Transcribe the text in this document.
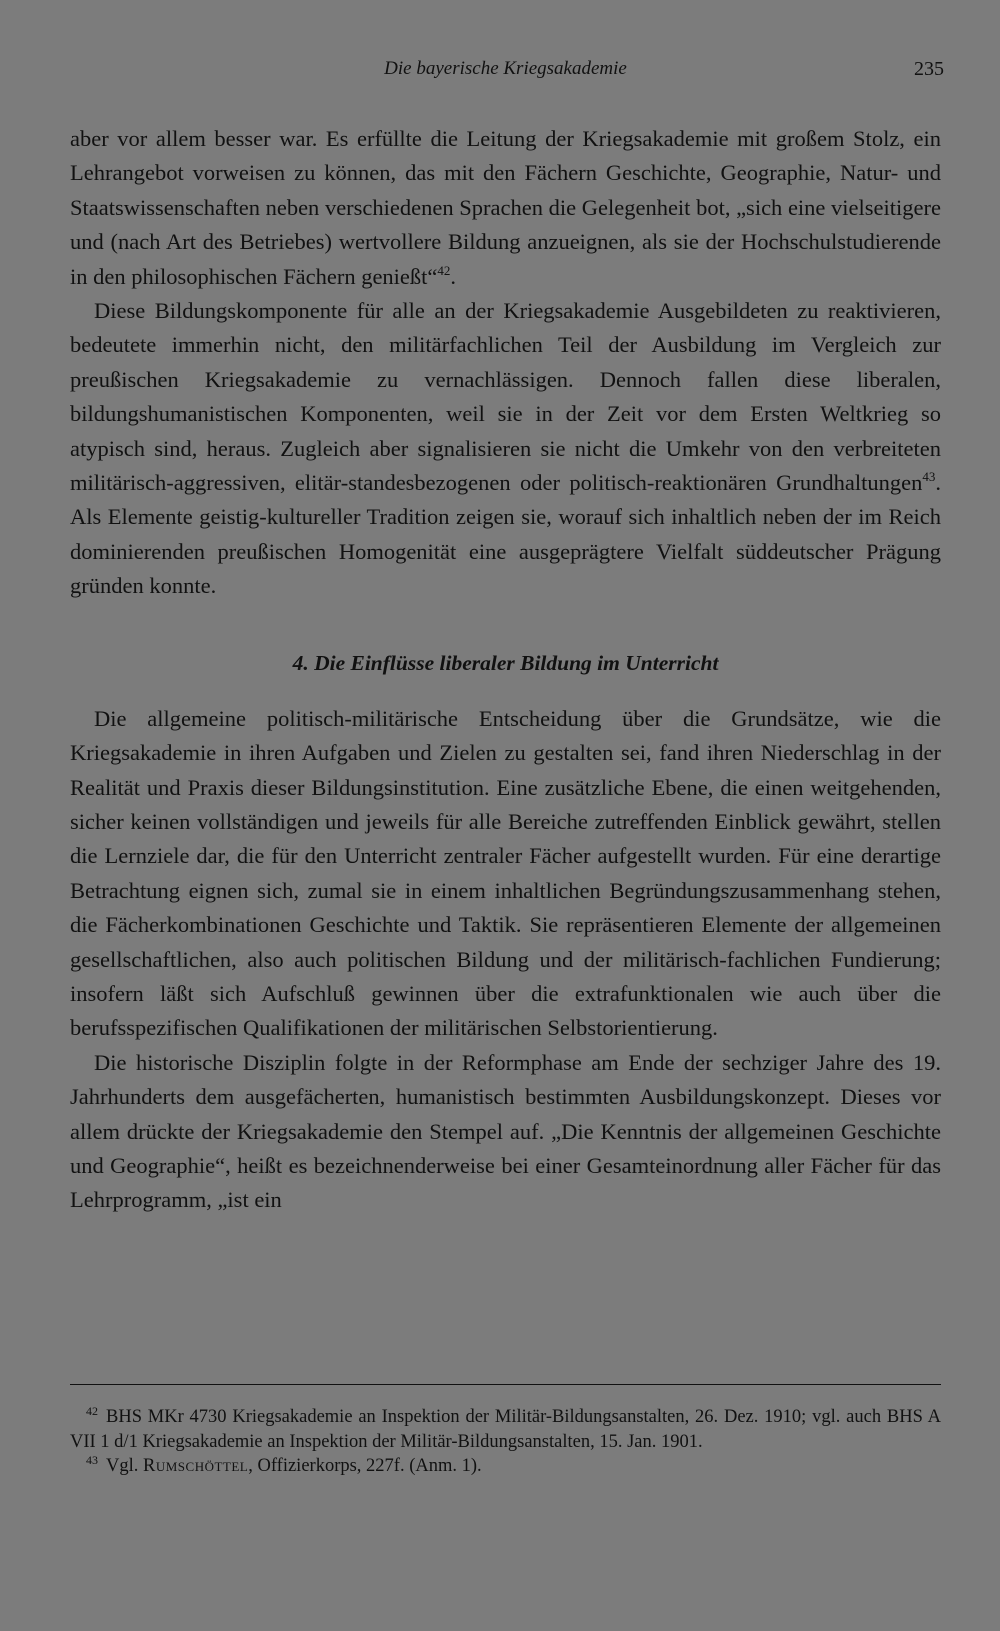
Die bayerische Kriegsakademie	235

aber vor allem besser war. Es erfüllte die Leitung der Kriegsakademie mit großem Stolz, ein Lehrangebot vorweisen zu können, das mit den Fächern Geschichte, Geographie, Natur- und Staatswissenschaften neben verschiedenen Sprachen die Gelegenheit bot, „sich eine vielseitigere und (nach Art des Betriebes) wertvollere Bildung anzueignen, als sie der Hochschulstudierende in den philosophischen Fächern genießt“$^{42}$.

Diese Bildungskomponente für alle an der Kriegsakademie Ausgebildeten zu reaktivieren, bedeutete immerhin nicht, den militärfachlichen Teil der Ausbildung im Vergleich zur preußischen Kriegsakademie zu vernachlässigen. Dennoch fallen diese liberalen, bildungshumanistischen Komponenten, weil sie in der Zeit vor dem Ersten Weltkrieg so atypisch sind, heraus. Zugleich aber signalisieren sie nicht die Umkehr von den verbreiteten militärisch-aggressiven, elitär-standesbezogenen oder politisch-reaktionären Grundhaltungen$^{43}$. Als Elemente geistig-kultureller Tradition zeigen sie, worauf sich inhaltlich neben der im Reich dominierenden preußischen Homogenität eine ausgeprägtere Vielfalt süddeutscher Prägung gründen konnte.

4. Die Einflüsse liberaler Bildung im Unterricht

Die allgemeine politisch-militärische Entscheidung über die Grundsätze, wie die Kriegsakademie in ihren Aufgaben und Zielen zu gestalten sei, fand ihren Niederschlag in der Realität und Praxis dieser Bildungsinstitution. Eine zusätzliche Ebene, die einen weitgehenden, sicher keinen vollständigen und jeweils für alle Bereiche zutreffenden Einblick gewährt, stellen die Lernziele dar, die für den Unterricht zentraler Fächer aufgestellt wurden. Für eine derartige Betrachtung eignen sich, zumal sie in einem inhaltlichen Begründungszusammenhang stehen, die Fächerkombinationen Geschichte und Taktik. Sie repräsentieren Elemente der allgemeinen gesellschaftlichen, also auch politischen Bildung und der militärisch-fachlichen Fundierung; insofern läßt sich Aufschluß gewinnen über die extrafunktionalen wie auch über die berufsspezifischen Qualifikationen der militärischen Selbstorientierung.

Die historische Disziplin folgte in der Reformphase am Ende der sechziger Jahre des 19. Jahrhunderts dem ausgefächerten, humanistisch bestimmten Ausbildungskonzept. Dieses vor allem drückte der Kriegsakademie den Stempel auf. „Die Kenntnis der allgemeinen Geschichte und Geographie“, heißt es bezeichnenderweise bei einer Gesamteinordnung aller Fächer für das Lehrprogramm, „ist ein

$^{42}$ BHS MKr 4730 Kriegsakademie an Inspektion der Militär-Bildungsanstalten, 26. Dez. 1910; vgl. auch BHS A VII 1 d/1 Kriegsakademie an Inspektion der Militär-Bildungsanstalten, 15. Jan. 1901.

$^{43}$ Vgl. Rumschöttel, Offizierkorps, 227f. (Anm. 1).
